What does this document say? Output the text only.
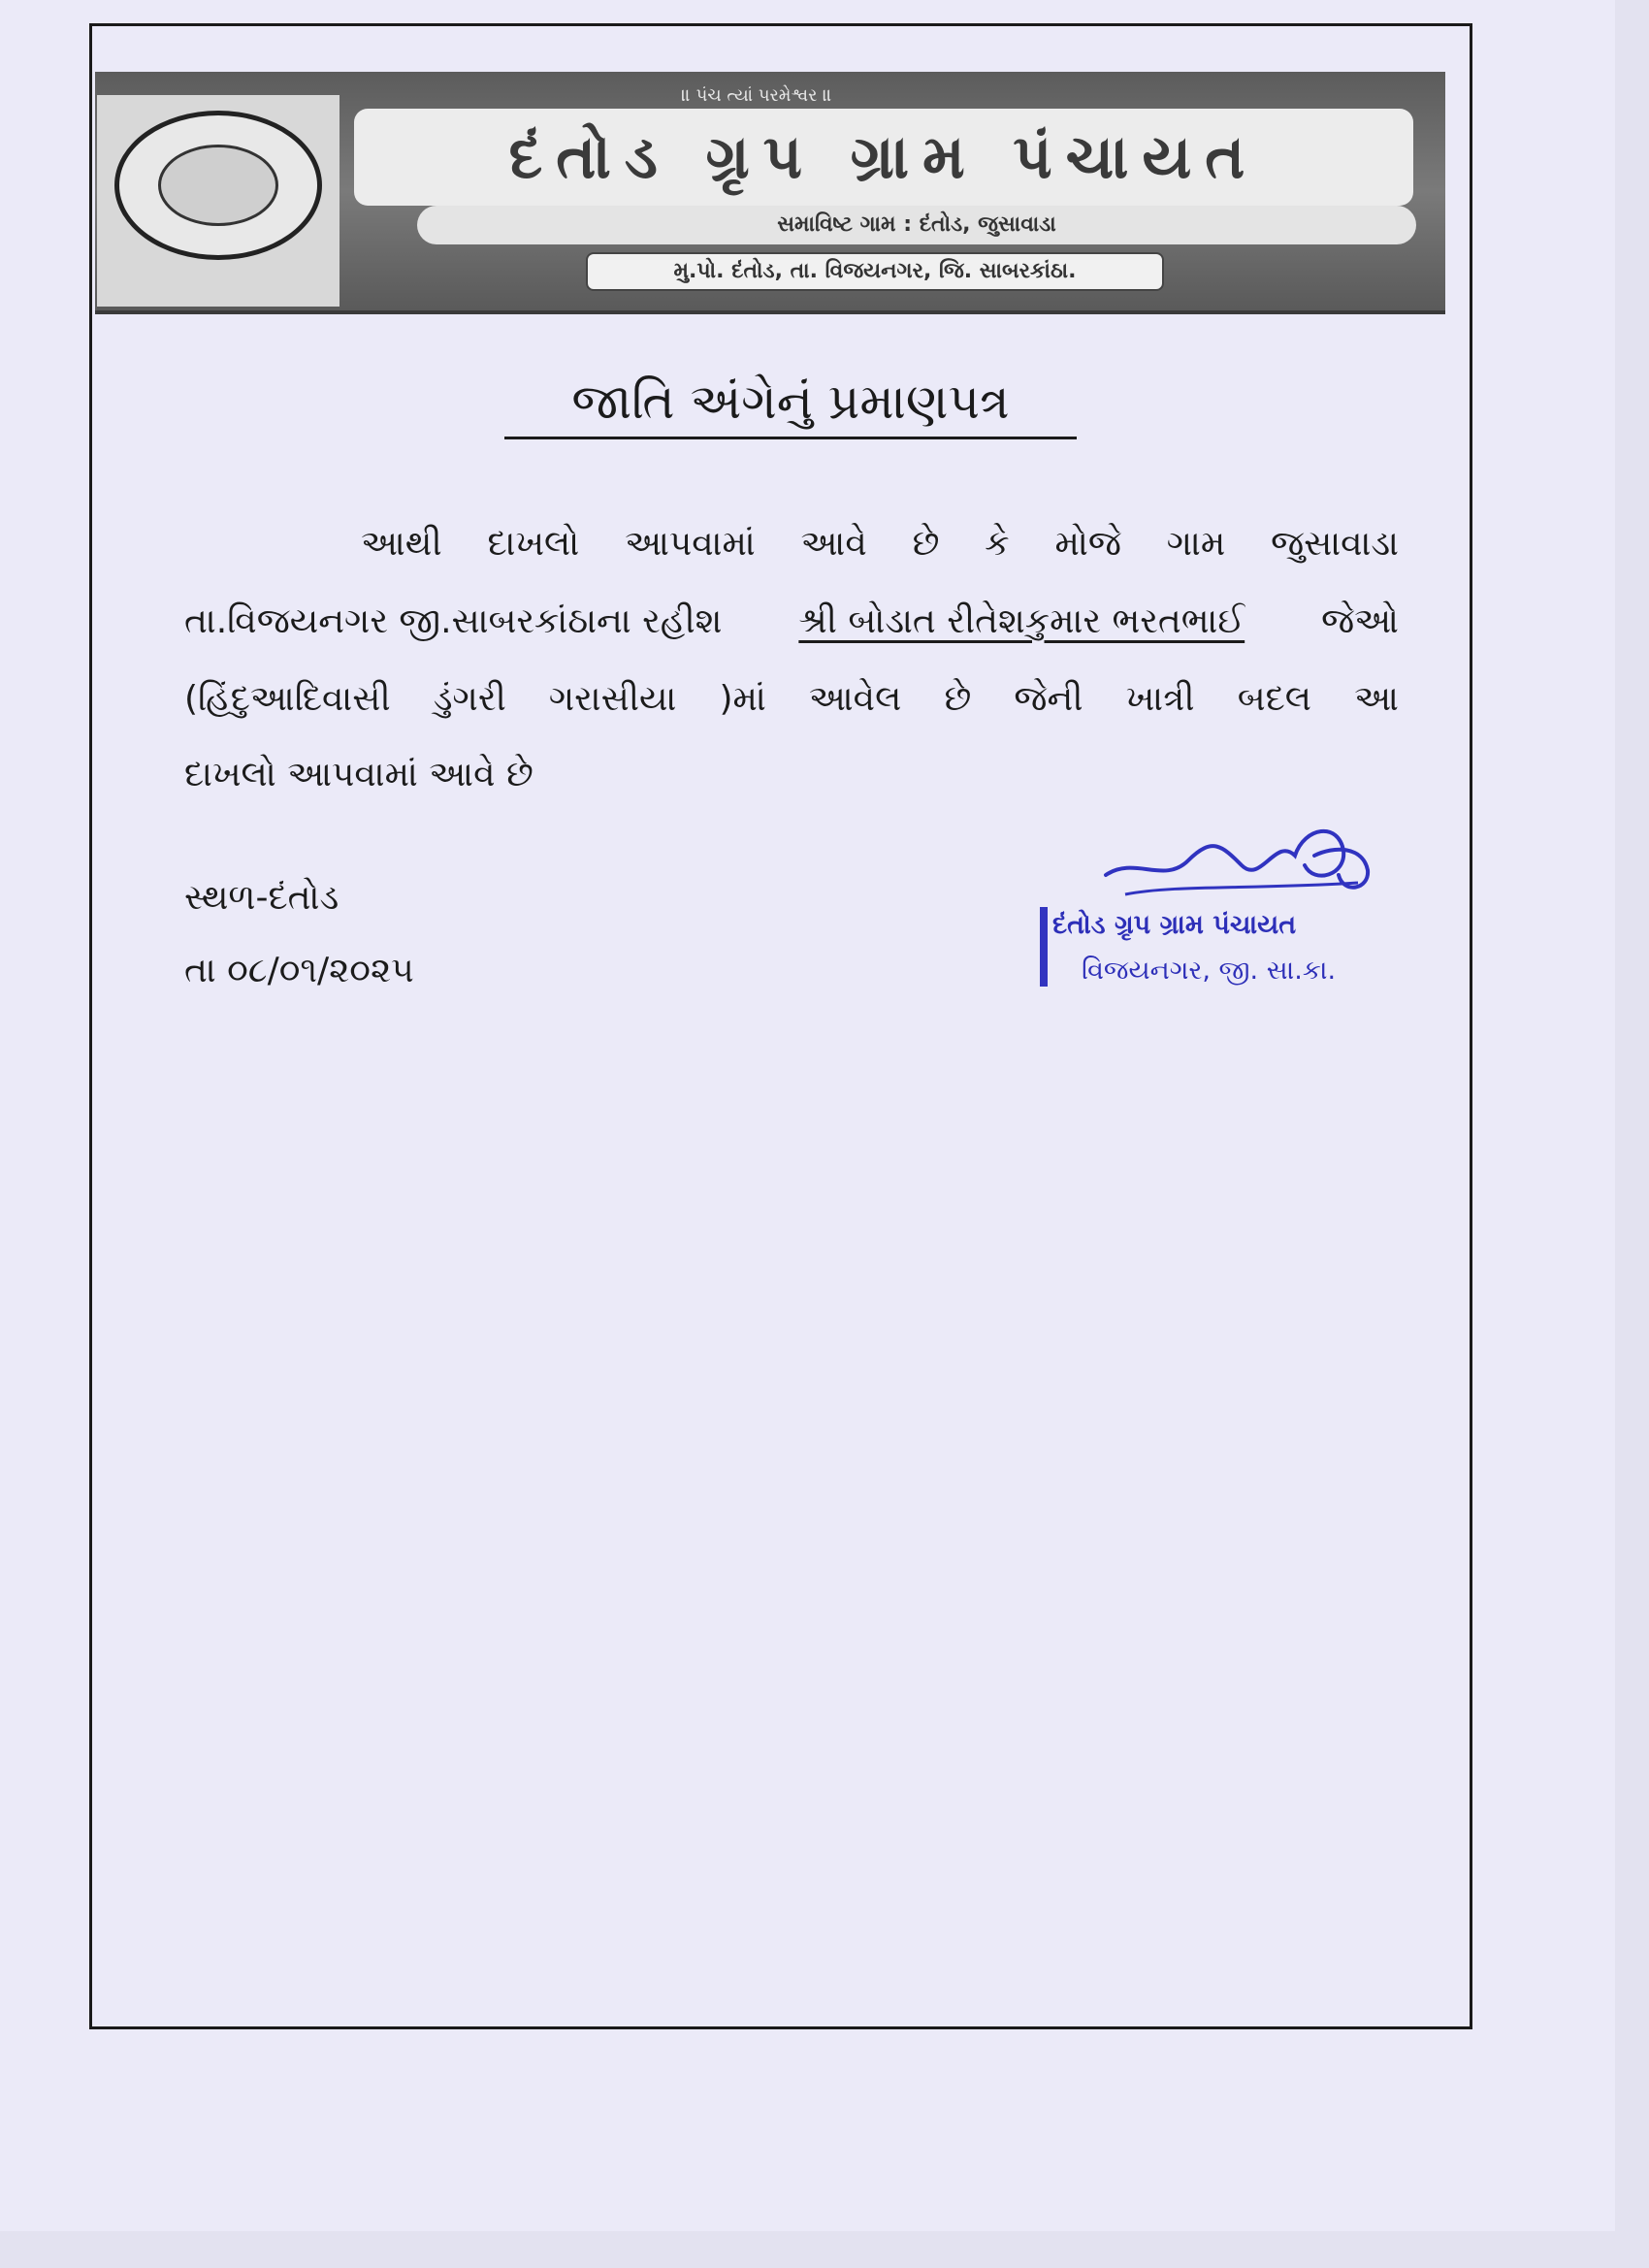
॥ પંચ ત્યાં પરમેશ્વર ॥
દંતોડ ગ્રૃપ ગ્રામ પંચાયત
સમાવિષ્ટ ગામ : દંતોડ, જુસાવાડા
મુ.પો. દંતોડ, તા. વિજયનગર, જિ. સાબરકાંઠા.
જાતિ અંગેનું પ્રમાણપત્ર
આથી દાખલો આપવામાં આવે છે કે મોજે ગામ જુસાવાડા
તા.વિજયનગર જી.સાબરકાંઠાના રહીશ શ્રી બોડાત રીતેશકુમાર ભરતભાઈ જેઓ
(હિંદુઆદિવાસી ડુંગરી ગરાસીયા )માં આવેલ છે જેની ખાત્રી બદલ આ
દાખલો આપવામાં આવે છે
સ્થળ-દંતોડ
તા ૦૮/૦૧/૨૦૨૫
દંતોડ ગ્રૃપ ગ્રામ પંચાયત
વિજયનગર, જી. સા.કા.
